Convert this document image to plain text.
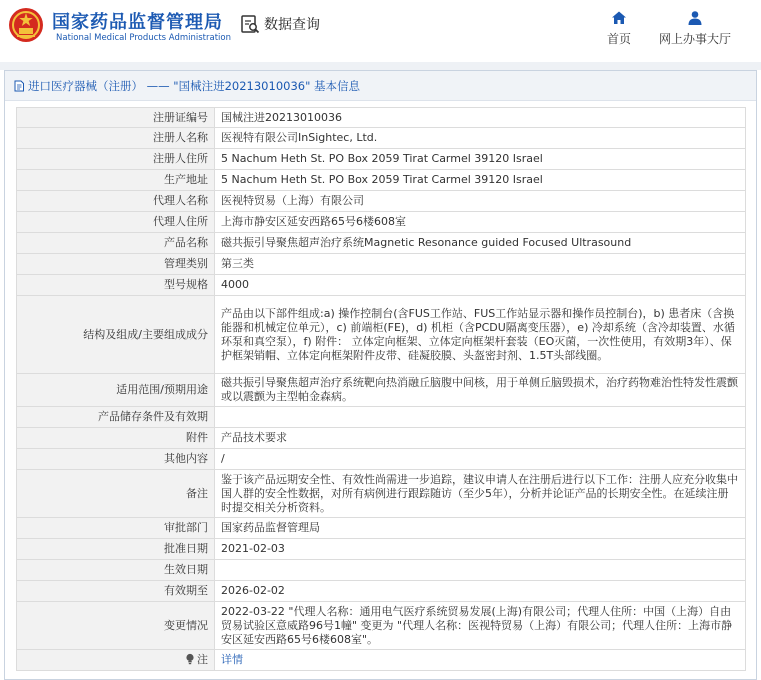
国家药品监督管理局
National Medical Products Administration
数据查询
首页	网上办事大厅
进口医疗器械（注册） —— "国械注进20213010036" 基本信息
注册证编号	国械注进20213010036
注册人名称	医视特有限公司InSightec, Ltd.
注册人住所	5 Nachum Heth St. PO Box 2059 Tirat Carmel 39120 Israel
生产地址	5 Nachum Heth St. PO Box 2059 Tirat Carmel 39120 Israel
代理人名称	医视特贸易（上海）有限公司
代理人住所	上海市静安区延安西路65号6楼608室
产品名称	磁共振引导聚焦超声治疗系统Magnetic Resonance guided Focused Ultrasound
管理类别	第三类
型号规格	4000
结构及组成/主要组成成分	产品由以下部件组成:a) 操作控制台(含FUS工作站、FUS工作站显示器和操作员控制台)，b) 患者床（含换能器和机械定位单元），c) 前端柜(FE)，d) 机柜（含PCDU隔离变压器），e) 冷却系统（含冷却装置、水循环泵和真空泵），f) 附件： 立体定向框架、立体定向框架杆套装（EO灭菌，一次性使用，有效期3年）、保护框架销帽、立体定向框架附件皮带、硅凝胶膜、头盔密封剂、1.5T头部线圈。
适用范围/预期用途	磁共振引导聚焦超声治疗系统靶向热消融丘脑腹中间核，用于单侧丘脑毁损术，治疗药物难治性特发性震颤或以震颤为主型帕金森病。
产品储存条件及有效期	
附件	产品技术要求
其他内容	/
备注	鉴于该产品远期安全性、有效性尚需进一步追踪，建议申请人在注册后进行以下工作：注册人应充分收集中国人群的安全性数据，对所有病例进行跟踪随访（至少5年），分析并论证产品的长期安全性。在延续注册时提交相关分析资料。
审批部门	国家药品监督管理局
批准日期	2021-02-03
生效日期	
有效期至	2026-02-02
变更情况	2022-03-22 "代理人名称：通用电气医疗系统贸易发展(上海)有限公司；代理人住所：中国（上海）自由贸易试验区意威路96号1幢" 变更为 "代理人名称：医视特贸易（上海）有限公司；代理人住所：上海市静安区延安西路65号6楼608室"。
注	详情
